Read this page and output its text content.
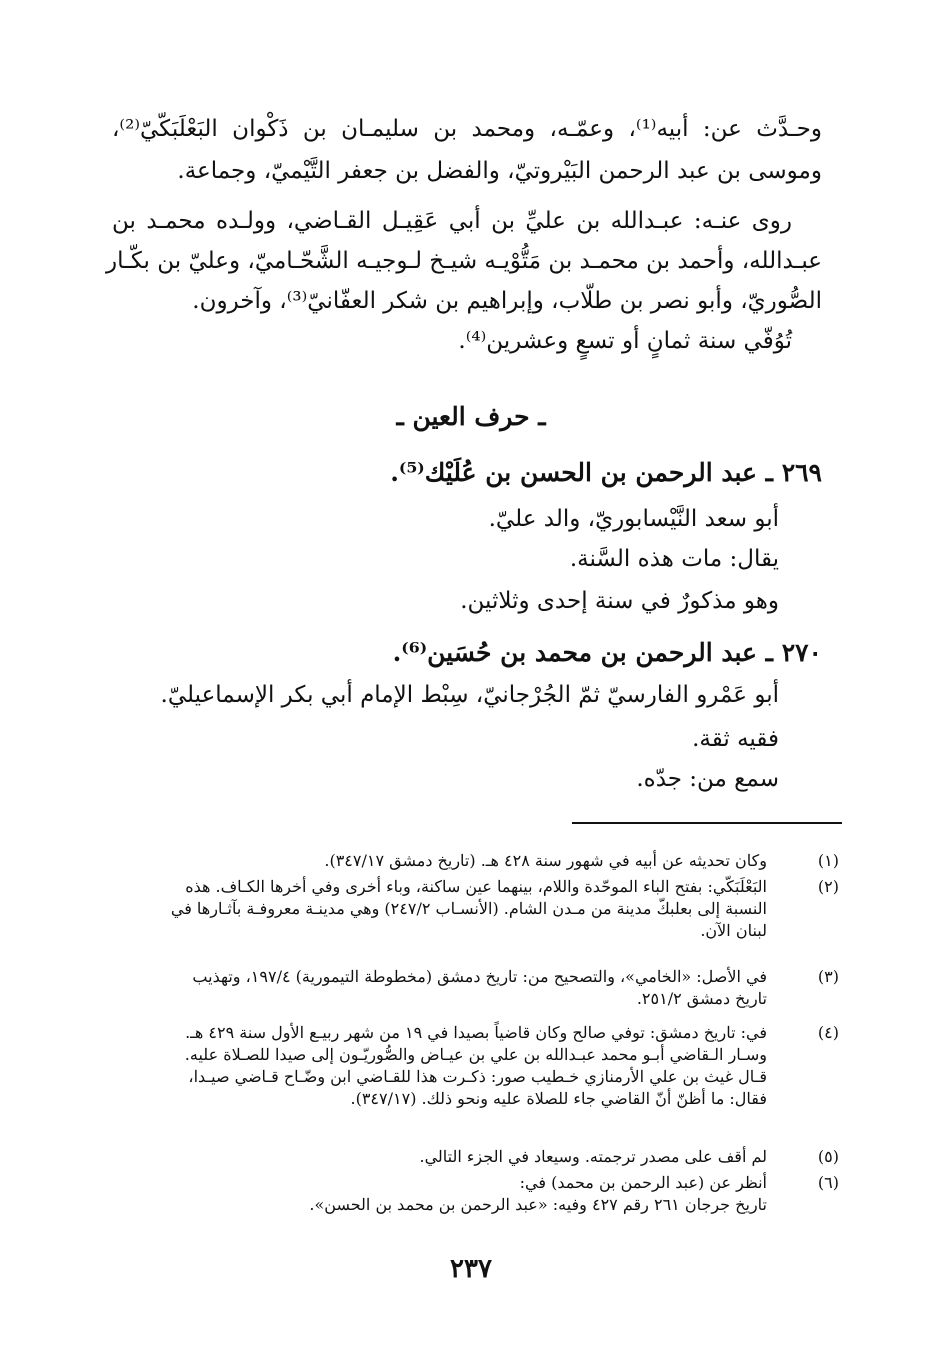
وحـدَّث عن: أبيه⁽¹⁾، وعمّـه، ومحمد بن سليمـان بن ذَكْوان البَعْلَبَكّيّ⁽²⁾،
وموسى بن عبد الرحمن البَيْروتيّ، والفضل بن جعفر التَّيْميّ، وجماعة.
روى عنـه: عبـدالله بن عليِّ بن أبي عَقِيـل القـاضي، وولـده محمـد بن
عبـدالله، وأحمد بن محمـد بن مَتُّوْيـه شيـخ لـوجيـه الشَّحّـاميّ، وعليّ بن بكّـار
الصُّوريّ، وأبو نصر بن طلّاب، وإبراهيم بن شكر العفّانيّ⁽³⁾، وآخرون.
تُوُفّي سنة ثمانٍ أو تسعٍ وعشرين⁽⁴⁾.
ـ حرف العين ـ
٢٦٩ ـ عبد الرحمن بن الحسن بن عُلَيْك⁽⁵⁾.
أبو سعد النَّيْسابوريّ، والد عليّ.
يقال: مات هذه السَّنة.
وهو مذكورٌ في سنة إحدى وثلاثين.
٢٧٠ ـ عبد الرحمن بن محمد بن حُسَين⁽⁶⁾.
أبو عَمْرو الفارسيّ ثمّ الجُرْجانيّ، سِبْط الإمام أبي بكر الإسماعيليّ.
فقيه ثقة.
سمع من: جدّه.
(١)
وكان تحديثه عن أبيه في شهور سنة ٤٢٨ هـ. (تاريخ دمشق ٣٤٧/١٧).
(٢)
البَعْلَبَكّي: بفتح الباء الموحّدة واللام، بينهما عين ساكنة، وباء أخرى وفي أخرها الكـاف. هذه
النسبة إلى بعلبكّ مدينة من مـدن الشام. (الأنسـاب ٢٤٧/٢) وهي مدينـة معروفـة بآثـارها في
لبنان الآن.
(٣)
في الأصل: «الخامي»، والتصحيح من: تاريخ دمشق (مخطوطة التيمورية) ١٩٧/٤، وتهذيب
تاريخ دمشق ٢٥١/٢.
(٤)
في: تاريخ دمشق: توفي صالح وكان قاضياً بصيدا في ١٩ من شهر ربيـع الأول سنة ٤٢٩ هـ.
وسـار الـقاضي أبـو محمد عبـدالله بن علي بن عيـاض والصُّوريّـون إلى صيدا للصـلاة عليه.
قـال غيث بن علي الأرمنازي خـطيب صور: ذكـرت هذا للقـاضي ابن وضّـاح قـاضي صيـدا،
فقال: ما أظنّ أنّ القاضي جاء للصلاة عليه ونحو ذلك. (٣٤٧/١٧).
(٥)
لم أقف على مصدر ترجمته. وسيعاد في الجزء التالي.
(٦)
أنظر عن (عبد الرحمن بن محمد) في:
تاريخ جرجان ٢٦١ رقم ٤٢٧ وفيه: «عبد الرحمن بن محمد بن الحسن».
٢٣٧
